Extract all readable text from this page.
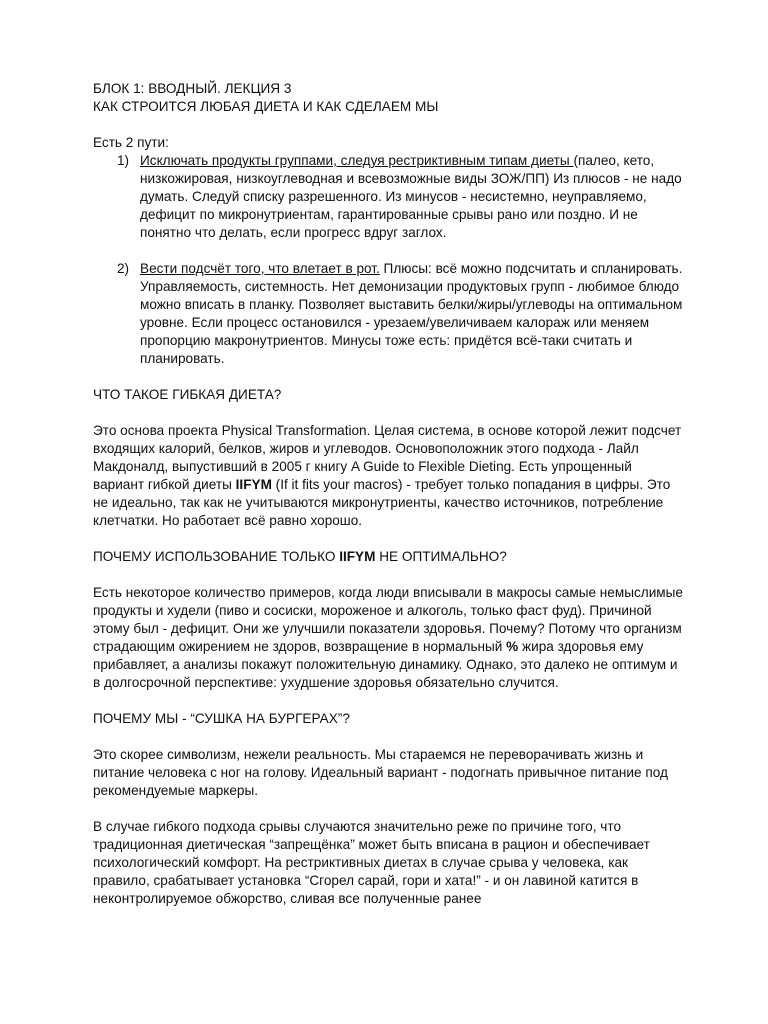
БЛОК 1: ВВОДНЫЙ. ЛЕКЦИЯ 3

КАК СТРОИТСЯ ЛЮБАЯ ДИЕТА И КАК СДЕЛАЕМ МЫ

Есть 2 пути:

1) Исключать продукты группами, следуя рестриктивным типам диеты (палео, кето, низкожировая, низкоуглеводная и всевозможные виды ЗОЖ/ПП) Из плюсов - не надо думать. Следуй списку разрешенного. Из минусов - несистемно, неуправляемо, дефицит по микронутриентам, гарантированные срывы рано или поздно. И не понятно что делать, если прогресс вдруг заглох.
2) Вести подсчёт того, что влетает в рот. Плюсы: всё можно подсчитать и спланировать. Управляемость, системность. Нет демонизации продуктовых групп - любимое блюдо можно вписать в планку. Позволяет выставить белки/жиры/углеводы на оптимальном уровне. Если процесс остановился - урезаем/увеличиваем калораж или меняем пропорцию макронутриентов. Минусы тоже есть: придётся всё-таки считать и планировать.

ЧТО ТАКОЕ ГИБКАЯ ДИЕТА?

Это основа проекта Physical Transformation. Целая система, в основе которой лежит подсчет входящих калорий, белков, жиров и углеводов. Основоположник этого подхода - Лайл Макдоналд, выпустивший в 2005 г книгу A Guide to Flexible Dieting. Есть упрощенный вариант гибкой диеты IIFYM (If it fits your macros) - требует только попадания в цифры. Это не идеально, так как не учитываются микронутриенты, качество источников, потребление клетчатки. Но работает всё равно хорошо.

ПОЧЕМУ ИСПОЛЬЗОВАНИЕ ТОЛЬКО IIFYM НЕ ОПТИМАЛЬНО?

Есть некоторое количество примеров, когда люди вписывали в макросы самые немыслимые продукты и худели (пиво и сосиски, мороженое и алкоголь, только фаст фуд). Причиной этому был - дефицит. Они же улучшили показатели здоровья. Почему? Потому что организм страдающим ожирением не здоров, возвращение в нормальный % жира здоровья ему прибавляет, а анализы покажут положительную динамику. Однако, это далеко не оптимум и в долгосрочной перспективе: ухудшение здоровья обязательно случится.

ПОЧЕМУ МЫ - “СУШКА НА БУРГЕРАХ”?

Это скорее символизм, нежели реальность. Мы стараемся не переворачивать жизнь и питание человека с ног на голову. Идеальный вариант - подогнать привычное питание под рекомендуемые маркеры.

В случае гибкого подхода срывы случаются значительно реже по причине того, что традиционная диетическая “запрещёнка” может быть вписана в рацион и обеспечивает психологический комфорт. На рестриктивных диетах в случае срыва у человека, как правило, срабатывает установка “Сгорел сарай, гори и хата!” - и он лавиной катится в неконтролируемое обжорство, сливая все полученные ранее
